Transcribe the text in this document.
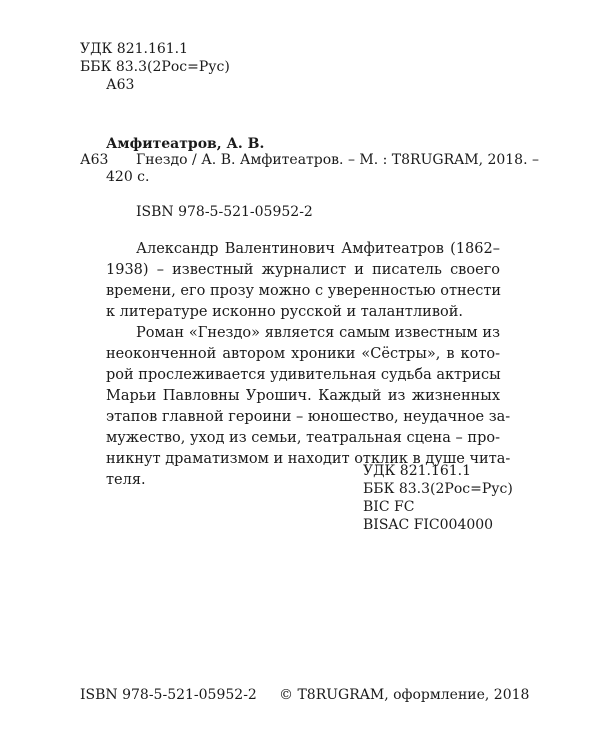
УДК 821.161.1
ББК 83.3(2Рос=Рус)
А63
Амфитеатров, А. В.
А63 Гнездо / А. В. Амфитеатров. – М. : T8RUGRAM, 2018. –
420 с.
ISBN 978-5-521-05952-2
Александр Валентинович Амфитеатров (1862–
1938) – известный журналист и писатель своего
времени, его прозу можно с уверенностью отнести
к литературе исконно русской и талантливой.
Роман «Гнездо» является самым известным из
неоконченной автором хроники «Сёстры», в кото-
рой прослеживается удивительная судьба актрисы
Марьи Павловны Урошич. Каждый из жизненных
этапов главной героини – юношество, неудачное за-
мужество, уход из семьи, театральная сцена – про-
никнут драматизмом и находит отклик в душе чита-
теля.
УДК 821.161.1
ББК 83.3(2Рос=Рус)
BIC FC
BISAC FIC004000
ISBN 978-5-521-05952-2 © T8RUGRAM, оформление, 2018
